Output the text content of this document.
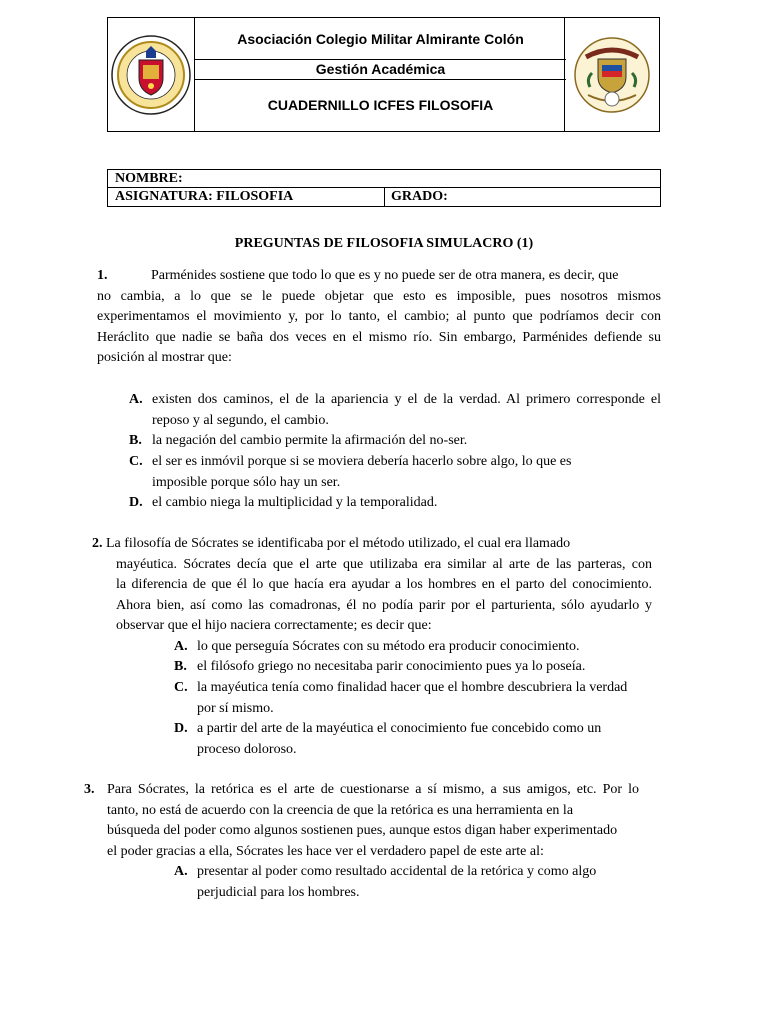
Asociación Colegio Militar Almirante Colón
Gestión Académica
CUADERNILLO ICFES FILOSOFIA
NOMBRE:
ASIGNATURA: FILOSOFIA	GRADO:
PREGUNTAS DE FILOSOFIA SIMULACRO (1)
1.	Parménides sostiene que todo lo que es y no puede ser de otra manera, es decir, que

no cambia, a lo que se le puede objetar que esto es imposible, pues nosotros mismos

experimentamos el movimiento y, por lo tanto, el cambio; al punto que podríamos decir con

Heráclito que nadie se baña dos veces en el mismo río. Sin embargo, Parménides defiende su

posición al mostrar que:

A. existen dos caminos, el de la apariencia y el de la verdad. Al primero corresponde el
reposo y al segundo, el cambio.
B. la negación del cambio permite la afirmación del no-ser.
C. el ser es inmóvil porque si se moviera debería hacerlo sobre algo, lo que es
imposible porque sólo hay un ser.
D. el cambio niega la multiplicidad y la temporalidad.
2. La filosofía de Sócrates se identificaba por el método utilizado, el cual era llamado

mayéutica. Sócrates decía que el arte que utilizaba era similar al arte de las parteras, con

la diferencia de que él lo que hacía era ayudar a los hombres en el parto del conocimiento.

Ahora bien, así como las comadronas, él no podía parir por el parturienta, sólo ayudarlo y

observar que el hijo naciera correctamente; es decir que:

A. lo que perseguía Sócrates con su método era producir conocimiento.
B. el filósofo griego no necesitaba parir conocimiento pues ya lo poseía.
C. la mayéutica tenía como finalidad hacer que el hombre descubriera la verdad
por sí mismo.
D. a partir del arte de la mayéutica el conocimiento fue concebido como un
proceso doloroso.
3. Para Sócrates, la retórica es el arte de cuestionarse a sí mismo, a sus amigos, etc. Por lo

tanto, no está de acuerdo con la creencia de que la retórica es una herramienta en la

búsqueda del poder como algunos sostienen pues, aunque estos digan haber experimentado

el poder gracias a ella, Sócrates les hace ver el verdadero papel de este arte al:

A. presentar al poder como resultado accidental de la retórica y como algo
perjudicial para los hombres.
